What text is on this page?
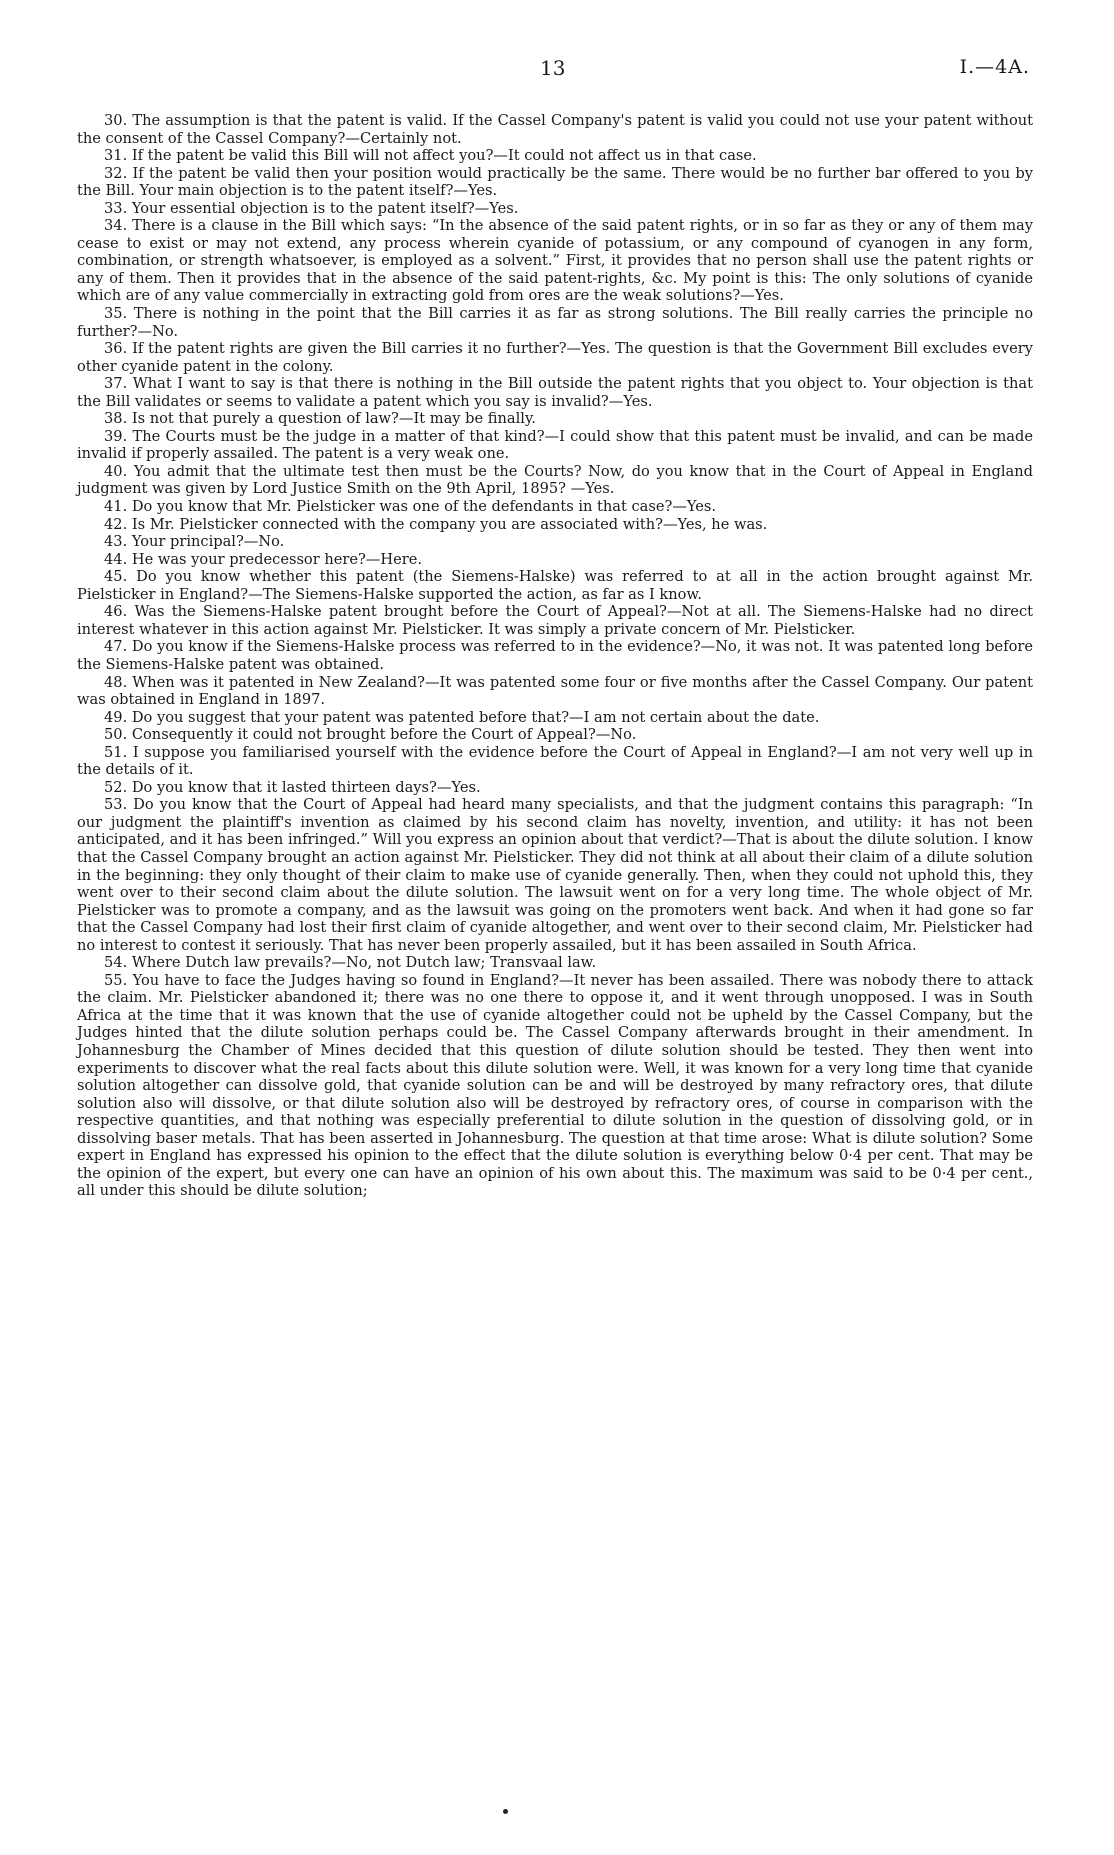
13	I.—4A.

30. The assumption is that the patent is valid. If the Cassel Company's patent is valid you could not use your patent without the consent of the Cassel Company?—Certainly not.

31. If the patent be valid this Bill will not affect you?—It could not affect us in that case.

32. If the patent be valid then your position would practically be the same. There would be no further bar offered to you by the Bill. Your main objection is to the patent itself?—Yes.

33. Your essential objection is to the patent itself?—Yes.

34. There is a clause in the Bill which says: “In the absence of the said patent rights, or in so far as they or any of them may cease to exist or may not extend, any process wherein cyanide of potassium, or any compound of cyanogen in any form, combination, or strength whatsoever, is employed as a solvent.” First, it provides that no person shall use the patent rights or any of them. Then it provides that in the absence of the said patent-rights, &c. My point is this: The only solutions of cyanide which are of any value commercially in extracting gold from ores are the weak solutions?—Yes.

35. There is nothing in the point that the Bill carries it as far as strong solutions. The Bill really carries the principle no further?—No.

36. If the patent rights are given the Bill carries it no further?—Yes. The question is that the Government Bill excludes every other cyanide patent in the colony.

37. What I want to say is that there is nothing in the Bill outside the patent rights that you object to. Your objection is that the Bill validates or seems to validate a patent which you say is invalid?—Yes.

38. Is not that purely a question of law?—It may be finally.

39. The Courts must be the judge in a matter of that kind?—I could show that this patent must be invalid, and can be made invalid if properly assailed. The patent is a very weak one.

40. You admit that the ultimate test then must be the Courts? Now, do you know that in the Court of Appeal in England judgment was given by Lord Justice Smith on the 9th April, 1895? —Yes.

41. Do you know that Mr. Pielsticker was one of the defendants in that case?—Yes.

42. Is Mr. Pielsticker connected with the company you are associated with?—Yes, he was.

43. Your principal?—No.

44. He was your predecessor here?—Here.

45. Do you know whether this patent (the Siemens-Halske) was referred to at all in the action brought against Mr. Pielsticker in England?—The Siemens-Halske supported the action, as far as I know.

46. Was the Siemens-Halske patent brought before the Court of Appeal?—Not at all. The Siemens-Halske had no direct interest whatever in this action against Mr. Pielsticker. It was simply a private concern of Mr. Pielsticker.

47. Do you know if the Siemens-Halske process was referred to in the evidence?—No, it was not. It was patented long before the Siemens-Halske patent was obtained.

48. When was it patented in New Zealand?—It was patented some four or five months after the Cassel Company. Our patent was obtained in England in 1897.

49. Do you suggest that your patent was patented before that?—I am not certain about the date.

50. Consequently it could not brought before the Court of Appeal?—No.

51. I suppose you familiarised yourself with the evidence before the Court of Appeal in England?—I am not very well up in the details of it.

52. Do you know that it lasted thirteen days?—Yes.

53. Do you know that the Court of Appeal had heard many specialists, and that the judgment contains this paragraph: “In our judgment the plaintiff's invention as claimed by his second claim has novelty, invention, and utility: it has not been anticipated, and it has been infringed.” Will you express an opinion about that verdict?—That is about the dilute solution. I know that the Cassel Company brought an action against Mr. Pielsticker. They did not think at all about their claim of a dilute solution in the beginning: they only thought of their claim to make use of cyanide generally. Then, when they could not uphold this, they went over to their second claim about the dilute solution. The lawsuit went on for a very long time. The whole object of Mr. Pielsticker was to promote a company, and as the lawsuit was going on the promoters went back. And when it had gone so far that the Cassel Company had lost their first claim of cyanide altogether, and went over to their second claim, Mr. Pielsticker had no interest to contest it seriously. That has never been properly assailed, but it has been assailed in South Africa.

54. Where Dutch law prevails?—No, not Dutch law; Transvaal law.

55. You have to face the Judges having so found in England?—It never has been assailed. There was nobody there to attack the claim. Mr. Pielsticker abandoned it; there was no one there to oppose it, and it went through unopposed. I was in South Africa at the time that it was known that the use of cyanide altogether could not be upheld by the Cassel Company, but the Judges hinted that the dilute solution perhaps could be. The Cassel Company afterwards brought in their amendment. In Johannesburg the Chamber of Mines decided that this question of dilute solution should be tested. They then went into experiments to discover what the real facts about this dilute solution were. Well, it was known for a very long time that cyanide solution altogether can dissolve gold, that cyanide solution can be and will be destroyed by many refractory ores, that dilute solution also will dissolve, or that dilute solution also will be destroyed by refractory ores, of course in comparison with the respective quantities, and that nothing was especially preferential to dilute solution in the question of dissolving gold, or in dissolving baser metals. That has been asserted in Johannesburg. The question at that time arose: What is dilute solution? Some expert in England has expressed his opinion to the effect that the dilute solution is everything below 0·4 per cent. That may be the opinion of the expert, but every one can have an opinion of his own about this. The maximum was said to be 0·4 per cent., all under this should be dilute solution;
